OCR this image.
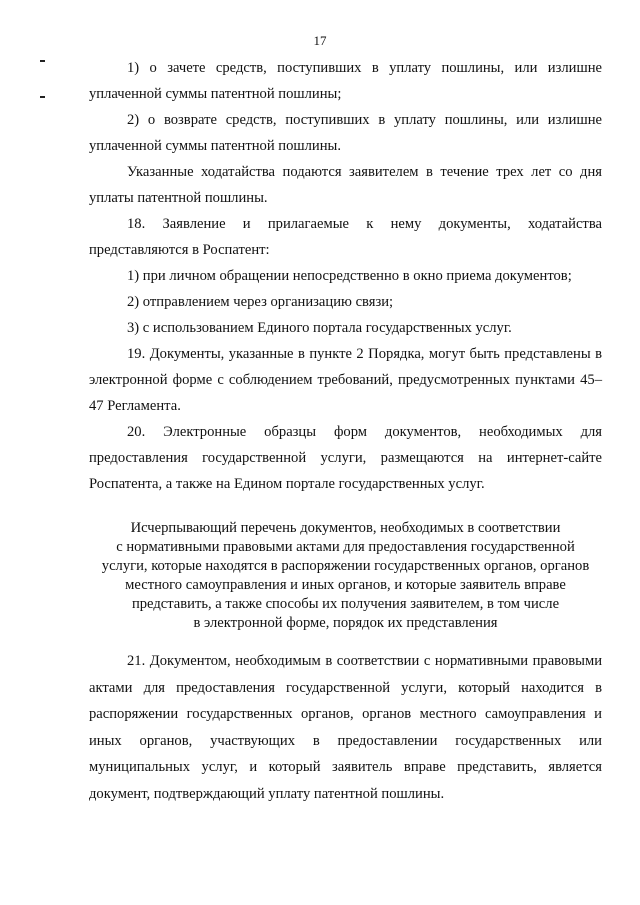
17

1) о зачете средств, поступивших в уплату пошлины, или излишне уплаченной суммы патентной пошлины;

2) о возврате средств, поступивших в уплату пошлины, или излишне уплаченной суммы патентной пошлины.

Указанные ходатайства подаются заявителем в течение трех лет со дня уплаты патентной пошлины.

18. Заявление и прилагаемые к нему документы, ходатайства представляются в Роспатент:

1) при личном обращении непосредственно в окно приема документов;

2) отправлением через организацию связи;

3) с использованием Единого портала государственных услуг.

19. Документы, указанные в пункте 2 Порядка, могут быть представлены в электронной форме с соблюдением требований, предусмотренных пунктами 45–47 Регламента.

20. Электронные образцы форм документов, необходимых для предоставления государственной услуги, размещаются на интернет-сайте Роспатента, а также на Едином портале государственных услуг.

Исчерпывающий перечень документов, необходимых в соответствии
с нормативными правовыми актами для предоставления государственной
услуги, которые находятся в распоряжении государственных органов, органов
местного самоуправления и иных органов, и которые заявитель вправе
представить, а также способы их получения заявителем, в том числе
в электронной форме, порядок их представления

21. Документом, необходимым в соответствии с нормативными правовыми актами для предоставления государственной услуги, который находится в распоряжении государственных органов, органов местного самоуправления и иных органов, участвующих в предоставлении государственных или муниципальных услуг, и который заявитель вправе представить, является документ, подтверждающий уплату патентной пошлины.
